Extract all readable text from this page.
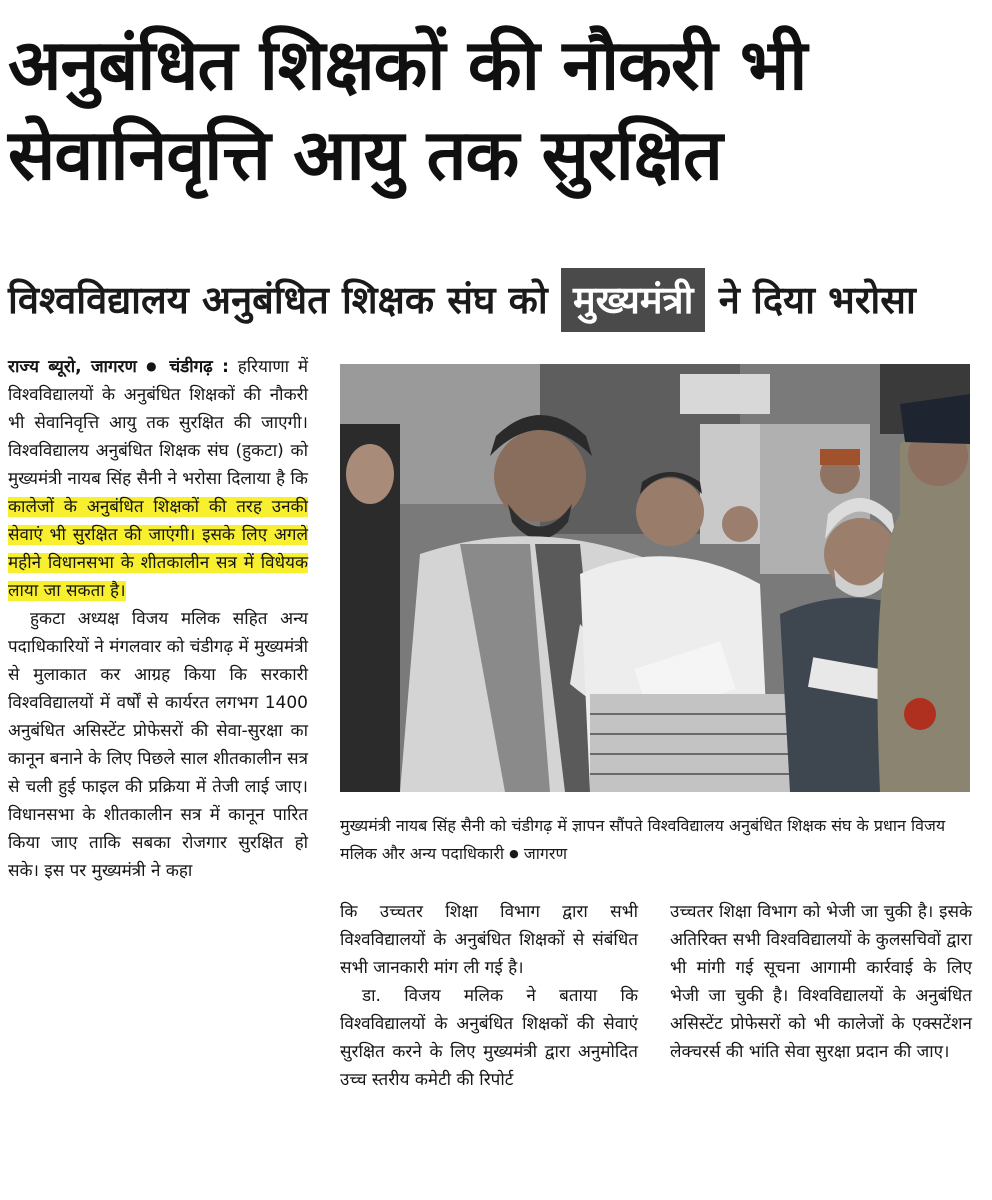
अनुबंधित शिक्षकों की नौकरी भी
सेवानिवृत्ति आयु तक सुरक्षित
विश्वविद्यालय अनुबंधित शिक्षक संघ को मुख्यमंत्री ने दिया भरोसा

राज्य ब्यूरो, जागरण ● चंडीगढ़ : हरियाणा में विश्वविद्यालयों के अनुबंधित शिक्षकों की नौकरी भी सेवानिवृत्ति आयु तक सुरक्षित की जाएगी। विश्वविद्यालय अनुबंधित शिक्षक संघ (हुकटा) को मुख्यमंत्री नायब सिंह सैनी ने भरोसा दिलाया है कि कालेजों के अनुबंधित शिक्षकों की तरह उनकी सेवाएं भी सुरक्षित की जाएंगी। इसके लिए अगले महीने विधानसभा के शीतकालीन सत्र में विधेयक लाया जा सकता है।

हुकटा अध्यक्ष विजय मलिक सहित अन्य पदाधिकारियों ने मंगलवार को चंडीगढ़ में मुख्यमंत्री से मुलाकात कर आग्रह किया कि सरकारी विश्वविद्यालयों में वर्षों से कार्यरत लगभग 1400 अनुबंधित असिस्टेंट प्रोफेसरों की सेवा-सुरक्षा का कानून बनाने के लिए पिछले साल शीतकालीन सत्र से चली हुई फाइल की प्रक्रिया में तेजी लाई जाए। विधानसभा के शीतकालीन सत्र में कानून पारित किया जाए ताकि सबका रोजगार सुरक्षित हो सके। इस पर मुख्यमंत्री ने कहा

मुख्यमंत्री नायब सिंह सैनी को चंडीगढ़ में ज्ञापन सौंपते विश्वविद्यालय अनुबंधित शिक्षक संघ के प्रधान विजय मलिक और अन्य पदाधिकारी ● जागरण

कि उच्चतर शिक्षा विभाग द्वारा सभी विश्वविद्यालयों के अनुबंधित शिक्षकों से संबंधित सभी जानकारी मांग ली गई है।

डा. विजय मलिक ने बताया कि विश्वविद्यालयों के अनुबंधित शिक्षकों की सेवाएं सुरक्षित करने के लिए मुख्यमंत्री द्वारा अनुमोदित उच्च स्तरीय कमेटी की रिपोर्ट

उच्चतर शिक्षा विभाग को भेजी जा चुकी है। इसके अतिरिक्त सभी विश्वविद्यालयों के कुलसचिवों द्वारा भी मांगी गई सूचना आगामी कार्रवाई के लिए भेजी जा चुकी है। विश्वविद्यालयों के अनुबंधित असिस्टेंट प्रोफेसरों को भी कालेजों के एक्सटेंशन लेक्चरर्स की भांति सेवा सुरक्षा प्रदान की जाए।
